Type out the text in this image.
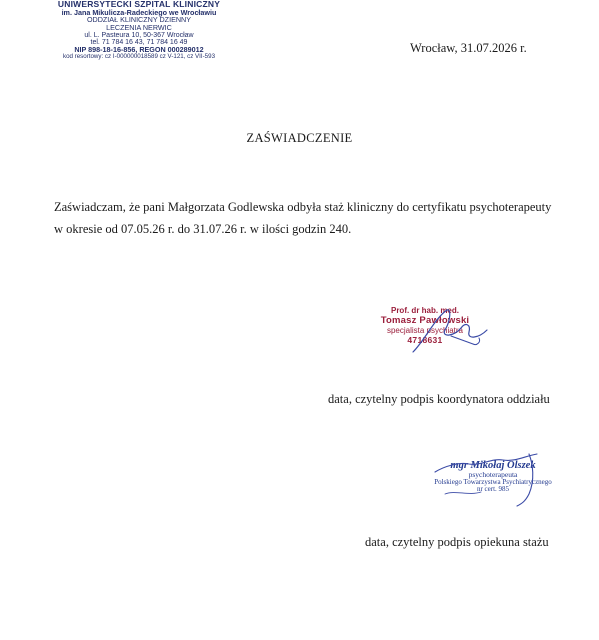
UNIWERSYTECKI SZPITAL KLINICZNY
im. Jana Mikulicza-Radeckiego we Wrocławiu
ODDZIAŁ KLINICZNY DZIENNY
LECZENIA NERWIC
ul. L. Pasteura 10, 50-367 Wrocław
tel. 71 784 16 43, 71 784 16 49
NIP 898-18-16-856, REGON 000289012
kod resortowy: cz I-000000018589 cz V-121, cz VII-593
Wrocław, 31.07.2026 r.
ZAŚWIADCZENIE
Zaświadczam, że pani Małgorzata Godlewska odbyła staż kliniczny do certyfikatu psychoterapeuty
w okresie od 07.05.26 r. do 31.07.26 r. w ilości godzin 240.
Prof. dr hab. med.
Tomasz Pawłowski
specjalista psychiatra
4718631
data, czytelny podpis koordynatora oddziału
mgr Mikołaj Olszek
psychoterapeuta
Polskiego Towarzystwa Psychiatrycznego
nr cert. 985
data, czytelny podpis opiekuna stażu
